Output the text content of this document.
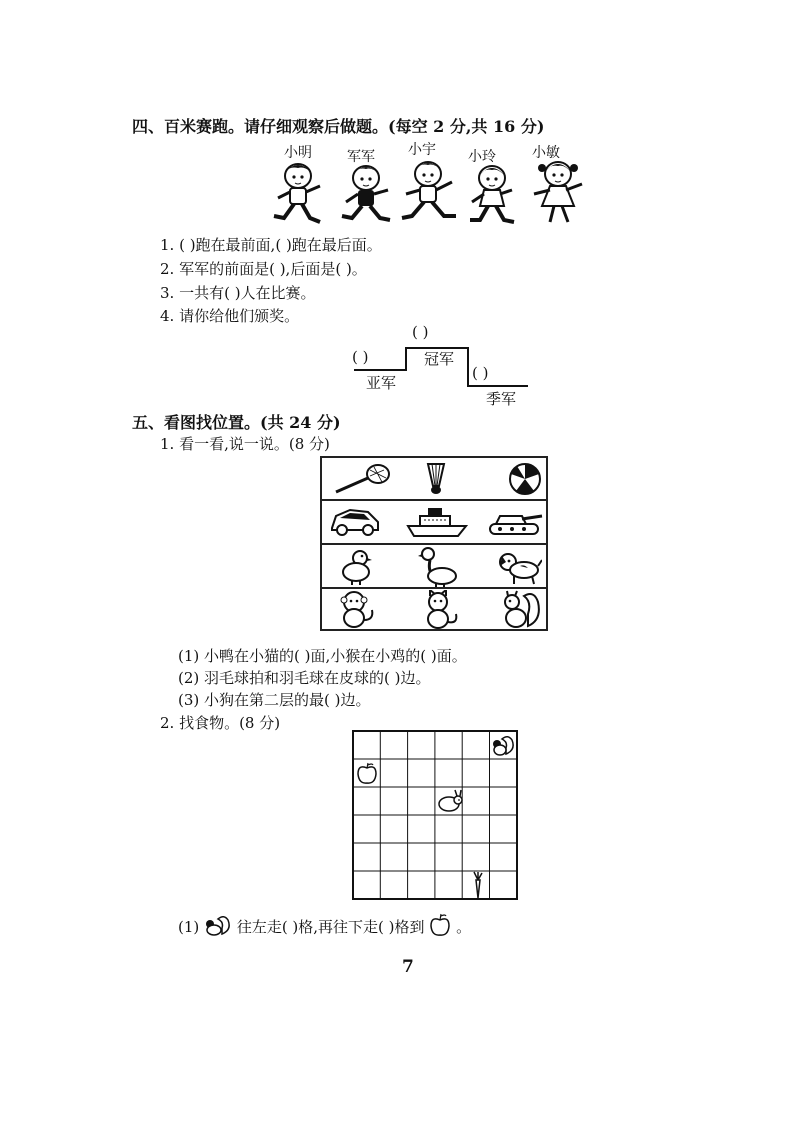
四、百米赛跑。请仔细观察后做题。(每空 2 分,共 16 分)
小明	军军 小宇 小玲	小敏
1. ( )跑在最前面,( )跑在最后面。
2. 军军的前面是( ),后面是( )。
3. 一共有( )人在比赛。
4. 请你给他们颁奖。
( )
冠军
( )
亚军
( )
季军
五、看图找位置。(共 24 分)
1. 看一看,说一说。(8 分)
(1) 小鸭在小猫的( )面,小猴在小鸡的( )面。
(2) 羽毛球拍和羽毛球在皮球的( )边。
(3) 小狗在第二层的最( )边。
2. 找食物。(8 分)
(1)	往左走( )格,再往下走( )格到 。
7
